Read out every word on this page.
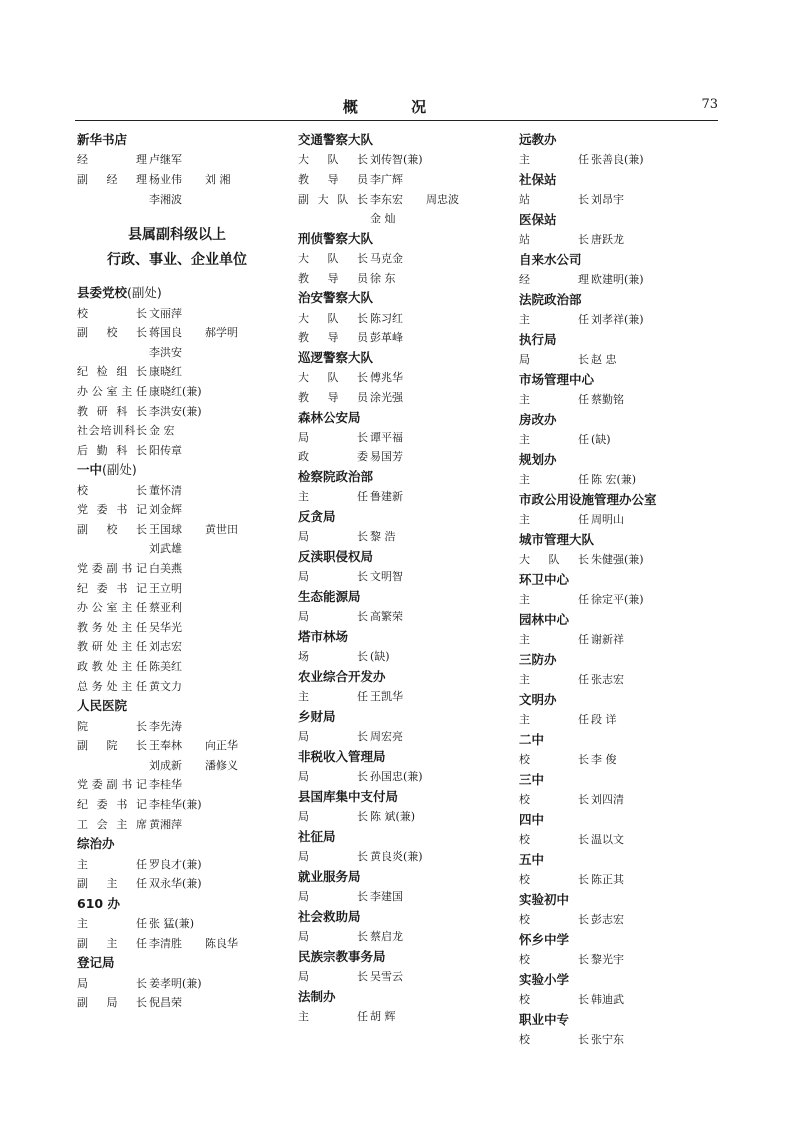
概 况	73
新华书店
经 理 卢继军
副 经 理 杨业伟 刘 湘
李湘波
县属副科级以上
行政、事业、企业单位
县委党校(副处)
校 长 文丽萍
副 校 长 蒋国良 郝学明
李洪安
纪检组长 康晓红
办公室主任 康晓红(兼)
教 研 科 长 李洪安(兼)
社会培训科长 金 宏
后 勤 科 长 阳传章
一中(副处)
校 长 董怀清
党委书记 刘金辉
副 校 长 王国球 黄世田
刘武雄
党委副书记 白美燕
纪委书记 王立明
办公室主任 蔡亚利
教务处主任 吴华光
教研处主任 刘志宏
政教处主任 陈美红
总务处主任 黄文力
人民医院
院 长 李先涛
副 院 长 王奉林 向正华
刘成新 潘修义
党委副书记 李桂华
纪委书记 李桂华(兼)
工会主席 黄湘萍
综治办
主 任 罗良才(兼)
副 主 任 双永华(兼)
610 办
主 任 张 猛(兼)
副 主 任 李清胜 陈良华
登记局
局 长 姜孝明(兼)
副 局 长 倪昌荣
交通警察大队
大 队 长 刘传智(兼)
教 导 员 李广辉
副大队长 李东宏 周忠波
金 灿
刑侦警察大队
大 队 长 马克金
教 导 员 徐 东
治安警察大队
大 队 长 陈习红
教 导 员 彭革峰
巡逻警察大队
大 队 长 傅兆华
教 导 员 涂光强
森林公安局
局 长 谭平福
政 委 易国芳
检察院政治部
主 任 鲁建新
反贪局
局 长 黎 浩
反渎职侵权局
局 长 文明智
生态能源局
局 长 高繁荣
塔市林场
场 长 (缺)
农业综合开发办
主 任 王凯华
乡财局
局 长 周宏亮
非税收入管理局
局 长 孙国忠(兼)
县国库集中支付局
局 长 陈 斌(兼)
社征局
局 长 黄良炎(兼)
就业服务局
局 长 李建国
社会救助局
局 长 蔡启龙
民族宗教事务局
局 长 吴雪云
法制办
主 任 胡 辉
远教办
主 任 张善良(兼)
社保站
站 长 刘昂宇
医保站
站 长 唐跃龙
自来水公司
经 理 欧建明(兼)
法院政治部
主 任 刘孝祥(兼)
执行局
局 长 赵 忠
市场管理中心
主 任 蔡勤铭
房改办
主 任 (缺)
规划办
主 任 陈 宏(兼)
市政公用设施管理办公室
主 任 周明山
城市管理大队
大 队 长 朱健强(兼)
环卫中心
主 任 徐定平(兼)
园林中心
主 任 谢新祥
三防办
主 任 张志宏
文明办
主 任 段 详
二中
校 长 李 俊
三中
校 长 刘四清
四中
校 长 温以文
五中
校 长 陈正其
实验初中
校 长 彭志宏
怀乡中学
校 长 黎光宇
实验小学
校 长 韩迪武
职业中专
校 长 张宁东
